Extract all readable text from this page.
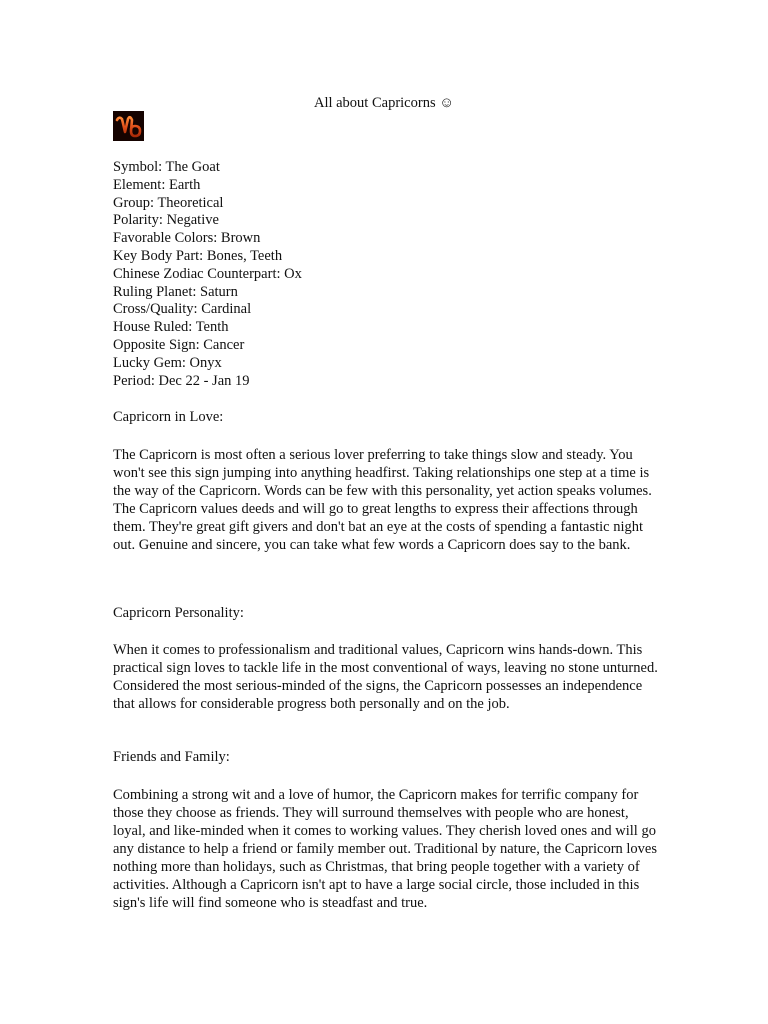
All about Capricorns ☺
Symbol: The Goat
Element: Earth
Group: Theoretical
Polarity: Negative
Favorable Colors: Brown
Key Body Part: Bones, Teeth
Chinese Zodiac Counterpart: Ox
Ruling Planet: Saturn
Cross/Quality: Cardinal
House Ruled: Tenth
Opposite Sign: Cancer
Lucky Gem: Onyx
Period: Dec 22 - Jan 19

Capricorn in Love:

The Capricorn is most often a serious lover preferring to take things slow and steady. You won't see this sign jumping into anything headfirst. Taking relationships one step at a time is the way of the Capricorn. Words can be few with this personality, yet action speaks volumes. The Capricorn values deeds and will go to great lengths to express their affections through them. They're great gift givers and don't bat an eye at the costs of spending a fantastic night out. Genuine and sincere, you can take what few words a Capricorn does say to the bank.

Capricorn Personality:

When it comes to professionalism and traditional values, Capricorn wins hands-down. This practical sign loves to tackle life in the most conventional of ways, leaving no stone unturned. Considered the most serious-minded of the signs, the Capricorn possesses an independence that allows for considerable progress both personally and on the job.

Friends and Family:

Combining a strong wit and a love of humor, the Capricorn makes for terrific company for those they choose as friends. They will surround themselves with people who are honest, loyal, and like-minded when it comes to working values. They cherish loved ones and will go any distance to help a friend or family member out. Traditional by nature, the Capricorn loves nothing more than holidays, such as Christmas, that bring people together with a variety of activities. Although a Capricorn isn't apt to have a large social circle, those included in this sign's life will find someone who is steadfast and true.
